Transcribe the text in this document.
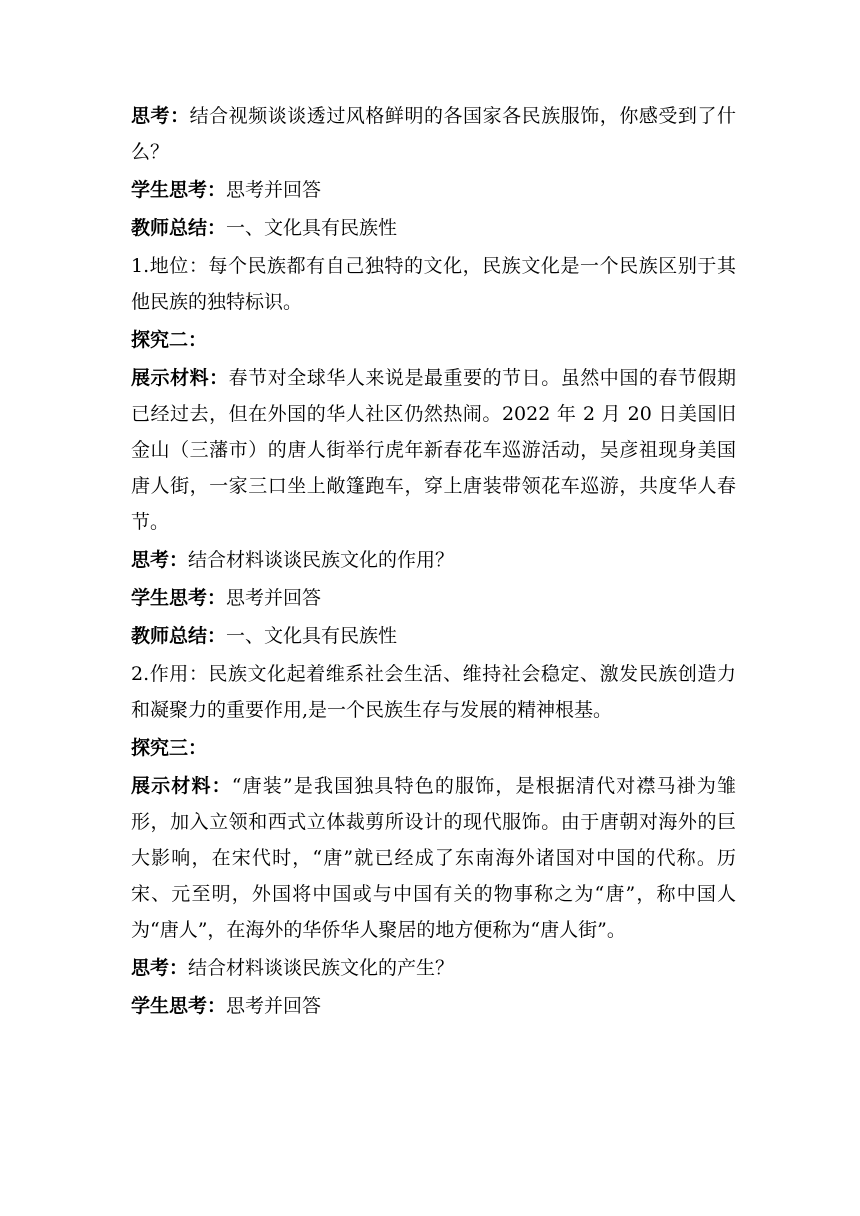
思考：结合视频谈谈透过风格鲜明的各国家各民族服饰，你感受到了什么？

学生思考：思考并回答

教师总结：一、文化具有民族性

1.地位：每个民族都有自己独特的文化，民族文化是一个民族区别于其他民族的独特标识。

探究二：

展示材料：春节对全球华人来说是最重要的节日。虽然中国的春节假期已经过去，但在外国的华人社区仍然热闹。2022 年 2 月 20 日美国旧金山（三藩市）的唐人街举行虎年新春花车巡游活动，吴彦祖现身美国唐人街，一家三口坐上敞篷跑车，穿上唐装带领花车巡游，共度华人春节。

思考：结合材料谈谈民族文化的作用？

学生思考：思考并回答

教师总结：一、文化具有民族性

2.作用：民族文化起着维系社会生活、维持社会稳定、激发民族创造力和凝聚力的重要作用,是一个民族生存与发展的精神根基。

探究三：

展示材料：“唐装”是我国独具特色的服饰，是根据清代对襟马褂为雏形，加入立领和西式立体裁剪所设计的现代服饰。由于唐朝对海外的巨大影响，在宋代时，“唐”就已经成了东南海外诸国对中国的代称。历宋、元至明，外国将中国或与中国有关的物事称之为“唐”，称中国人为“唐人”，在海外的华侨华人聚居的地方便称为“唐人街”。

思考：结合材料谈谈民族文化的产生？

学生思考：思考并回答
